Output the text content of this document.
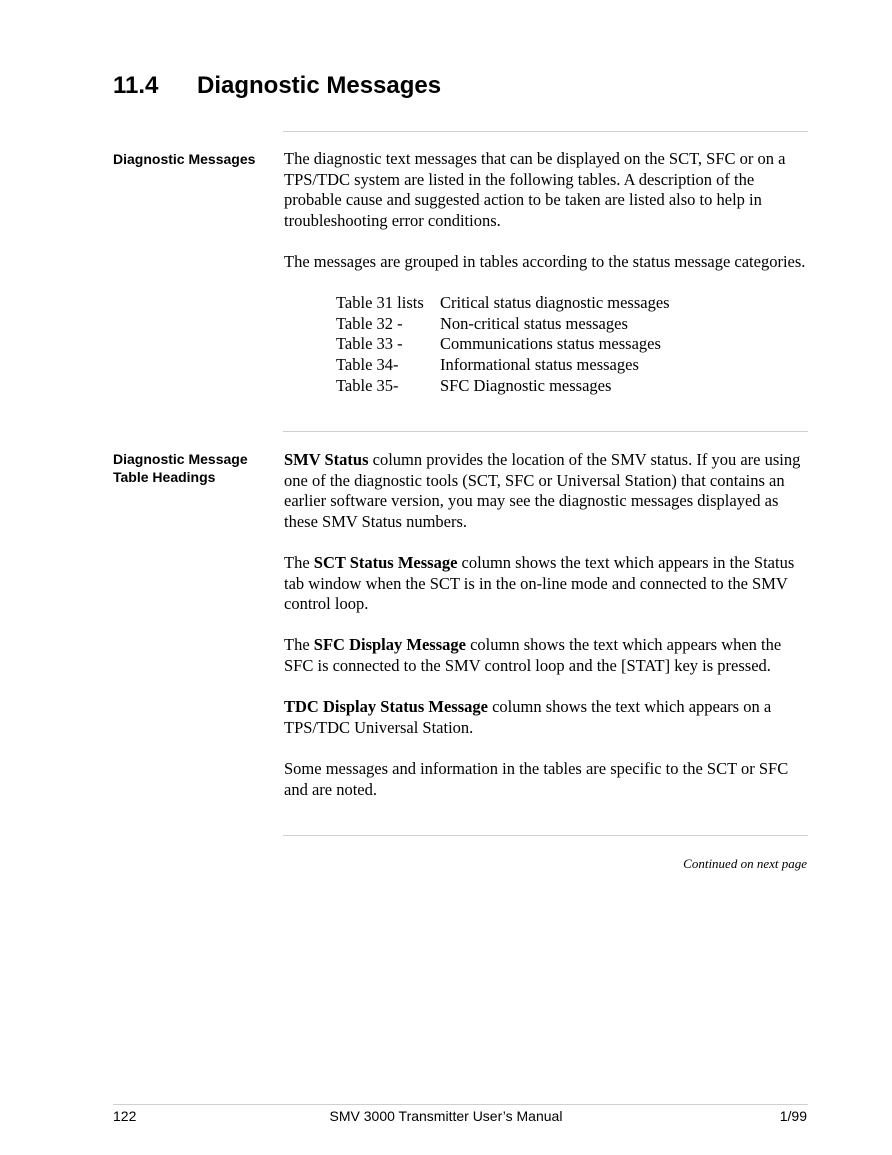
11.4 Diagnostic Messages
Diagnostic Messages	The diagnostic text messages that can be displayed on the SCT, SFC or on a TPS/TDC system are listed in the following tables. A description of the probable cause and suggested action to be taken are listed also to help in troubleshooting error conditions.

The messages are grouped in tables according to the status message categories.

Table 31 lists	Critical status diagnostic messages
Table 32 -	Non-critical status messages
Table 33 -	Communications status messages
Table 34-	Informational status messages
Table 35-	SFC Diagnostic messages
Diagnostic Message
Table Headings

SMV Status column provides the location of the SMV status. If you are using one of the diagnostic tools (SCT, SFC or Universal Station) that contains an earlier software version, you may see the diagnostic messages displayed as these SMV Status numbers.

The SCT Status Message column shows the text which appears in the Status tab window when the SCT is in the on-line mode and connected to the SMV control loop.

The SFC Display Message column shows the text which appears when the SFC is connected to the SMV control loop and the [STAT] key is pressed.

TDC Display Status Message column shows the text which appears on a TPS/TDC Universal Station.

Some messages and information in the tables are specific to the SCT or SFC and are noted.

Continued on next page
122	SMV 3000 Transmitter User’s Manual	1/99
